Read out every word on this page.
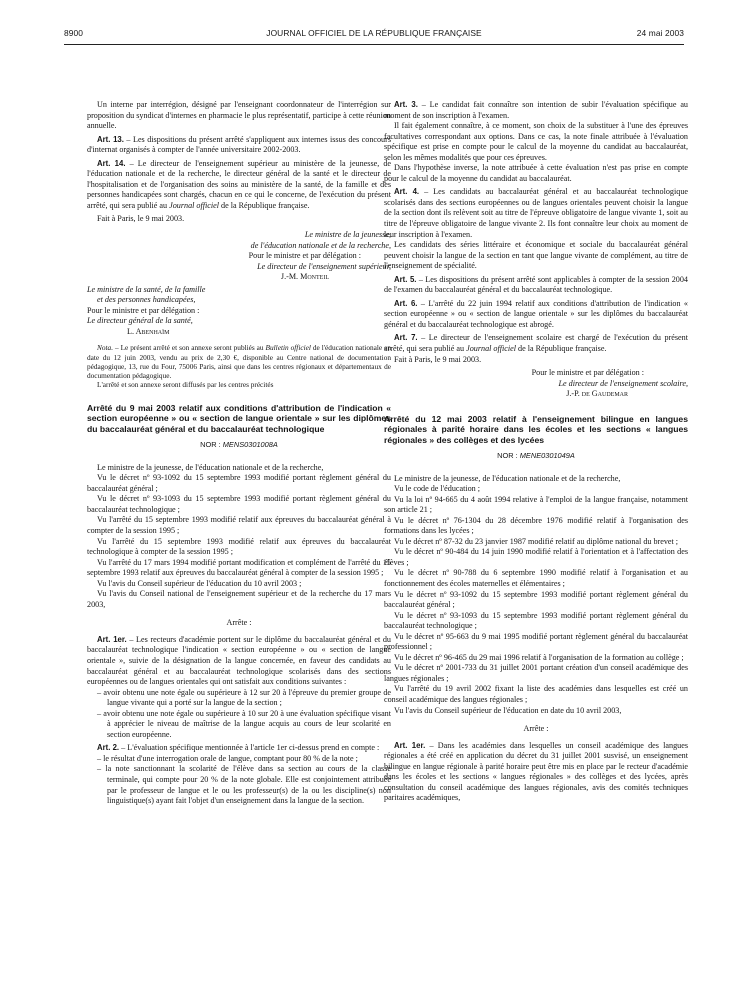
8900	JOURNAL OFFICIEL DE LA RÉPUBLIQUE FRANÇAISE	24 mai 2003

Un interne par interrégion, désigné par l'enseignant coordonnateur de l'interrégion sur proposition du syndicat d'internes en pharmacie le plus représentatif, participe à cette réunion annuelle.

Art. 13. – Les dispositions du présent arrêté s'appliquent aux internes issus des concours d'internat organisés à compter de l'année universitaire 2002-2003.

Art. 14. – Le directeur de l'enseignement supérieur au ministère de la jeunesse, de l'éducation nationale et de la recherche, le directeur général de la santé et le directeur de l'hospitalisation et de l'organisation des soins au ministère de la santé, de la famille et des personnes handicapées sont chargés, chacun en ce qui le concerne, de l'exécution du présent arrêté, qui sera publié au Journal officiel de la République française.

Fait à Paris, le 9 mai 2003.

Le ministre de la jeunesse,
de l'éducation nationale et de la recherche,
Pour le ministre et par délégation :
Le directeur de l'enseignement supérieur,
J.-M. Monteil
Le ministre de la santé, de la famille
et des personnes handicapées,
Pour le ministre et par délégation :
Le directeur général de la santé,
L. Abenhaïm

Nota. – Le présent arrêté et son annexe seront publiés au Bulletin officiel de l'éducation nationale en date du 12 juin 2003, vendu au prix de 2,30 €, disponible au Centre national de documentation pédagogique, 13, rue du Four, 75006 Paris, ainsi que dans les centres régionaux et départementaux de documentation pédagogique.

L'arrêté et son annexe seront diffusés par les centres précités

Arrêté du 9 mai 2003 relatif aux conditions d'attribution de l'indication « section européenne » ou « section de langue orientale » sur les diplômes du baccalauréat général et du baccalauréat technologique
NOR : MENS0301008A

Le ministre de la jeunesse, de l'éducation nationale et de la recherche,

Vu le décret nº 93-1092 du 15 septembre 1993 modifié portant règlement général du baccalauréat général ;

Vu le décret nº 93-1093 du 15 septembre 1993 modifié portant règlement général du baccalauréat technologique ;

Vu l'arrêté du 15 septembre 1993 modifié relatif aux épreuves du baccalauréat général à compter de la session 1995 ;

Vu l'arrêté du 15 septembre 1993 modifié relatif aux épreuves du baccalauréat technologique à compter de la session 1995 ;

Vu l'arrêté du 17 mars 1994 modifié portant modification et complément de l'arrêté du 15 septembre 1993 relatif aux épreuves du baccalauréat général à compter de la session 1995 ;

Vu l'avis du Conseil supérieur de l'éducation du 10 avril 2003 ;

Vu l'avis du Conseil national de l'enseignement supérieur et de la recherche du 17 mars 2003,

Arrête :

Art. 1er. – Les recteurs d'académie portent sur le diplôme du baccalauréat général et du baccalauréat technologique l'indication « section européenne » ou « section de langue orientale », suivie de la désignation de la langue concernée, en faveur des candidats au baccalauréat général et au baccalauréat technologique scolarisés dans des sections européennes ou de langues orientales qui ont satisfait aux conditions suivantes :

– avoir obtenu une note égale ou supérieure à 12 sur 20 à l'épreuve du premier groupe de langue vivante qui a porté sur la langue de la section ;
– avoir obtenu une note égale ou supérieure à 10 sur 20 à une évaluation spécifique visant à apprécier le niveau de maîtrise de la langue acquis au cours de leur scolarité en section européenne.

Art. 2. – L'évaluation spécifique mentionnée à l'article 1er ci-dessus prend en compte :

– le résultat d'une interrogation orale de langue, comptant pour 80 % de la note ;
– la note sanctionnant la scolarité de l'élève dans sa section au cours de la classe terminale, qui compte pour 20 % de la note globale. Elle est conjointement attribuée par le professeur de langue et le ou les professeur(s) de la ou les discipline(s) non linguistique(s) ayant fait l'objet d'un enseignement dans la langue de la section.

Art. 3. – Le candidat fait connaître son intention de subir l'évaluation spécifique au moment de son inscription à l'examen.

Il fait également connaître, à ce moment, son choix de la substituer à l'une des épreuves facultatives correspondant aux options. Dans ce cas, la note finale attribuée à l'évaluation spécifique est prise en compte pour le calcul de la moyenne du candidat au baccalauréat, selon les mêmes modalités que pour ces épreuves.

Dans l'hypothèse inverse, la note attribuée à cette évaluation n'est pas prise en compte pour le calcul de la moyenne du candidat au baccalauréat.

Art. 4. – Les candidats au baccalauréat général et au baccalauréat technologique scolarisés dans des sections européennes ou de langues orientales peuvent choisir la langue de la section dont ils relèvent soit au titre de l'épreuve obligatoire de langue vivante 1, soit au titre de l'épreuve obligatoire de langue vivante 2. Ils font connaître leur choix au moment de leur inscription à l'examen.

Les candidats des séries littéraire et économique et sociale du baccalauréat général peuvent choisir la langue de la section en tant que langue vivante de complément, au titre de l'enseignement de spécialité.

Art. 5. – Les dispositions du présent arrêté sont applicables à compter de la session 2004 de l'examen du baccalauréat général et du baccalauréat technologique.

Art. 6. – L'arrêté du 22 juin 1994 relatif aux conditions d'attribution de l'indication « section européenne » ou « section de langue orientale » sur les diplômes du baccalauréat général et du baccalauréat technologique est abrogé.

Art. 7. – Le directeur de l'enseignement scolaire est chargé de l'exécution du présent arrêté, qui sera publié au Journal officiel de la République française.

Fait à Paris, le 9 mai 2003.

Pour le ministre et par délégation :
Le directeur de l'enseignement scolaire,
J.-P. de Gaudemar
Arrêté du 12 mai 2003 relatif à l'enseignement bilingue en langues régionales à parité horaire dans les écoles et les sections « langues régionales » des collèges et des lycées
NOR : MENE0301049A

Le ministre de la jeunesse, de l'éducation nationale et de la recherche,

Vu le code de l'éducation ;

Vu la loi nº 94-665 du 4 août 1994 relative à l'emploi de la langue française, notamment son article 21 ;

Vu le décret nº 76-1304 du 28 décembre 1976 modifié relatif à l'organisation des formations dans les lycées ;

Vu le décret nº 87-32 du 23 janvier 1987 modifié relatif au diplôme national du brevet ;

Vu le décret nº 90-484 du 14 juin 1990 modifié relatif à l'orientation et à l'affectation des élèves ;

Vu le décret nº 90-788 du 6 septembre 1990 modifié relatif à l'organisation et au fonctionnement des écoles maternelles et élémentaires ;

Vu le décret nº 93-1092 du 15 septembre 1993 modifié portant règlement général du baccalauréat général ;

Vu le décret nº 93-1093 du 15 septembre 1993 modifié portant règlement général du baccalauréat technologique ;

Vu le décret nº 95-663 du 9 mai 1995 modifié portant règlement général du baccalauréat professionnel ;

Vu le décret nº 96-465 du 29 mai 1996 relatif à l'organisation de la formation au collège ;

Vu le décret nº 2001-733 du 31 juillet 2001 portant création d'un conseil académique des langues régionales ;

Vu l'arrêté du 19 avril 2002 fixant la liste des académies dans lesquelles est créé un conseil académique des langues régionales ;

Vu l'avis du Conseil supérieur de l'éducation en date du 10 avril 2003,

Arrête :

Art. 1er. – Dans les académies dans lesquelles un conseil académique des langues régionales a été créé en application du décret du 31 juillet 2001 susvisé, un enseignement bilingue en langue régionale à parité horaire peut être mis en place par le recteur d'académie dans les écoles et les sections « langues régionales » des collèges et des lycées, après consultation du conseil académique des langues régionales, avis des comités techniques paritaires académiques,
